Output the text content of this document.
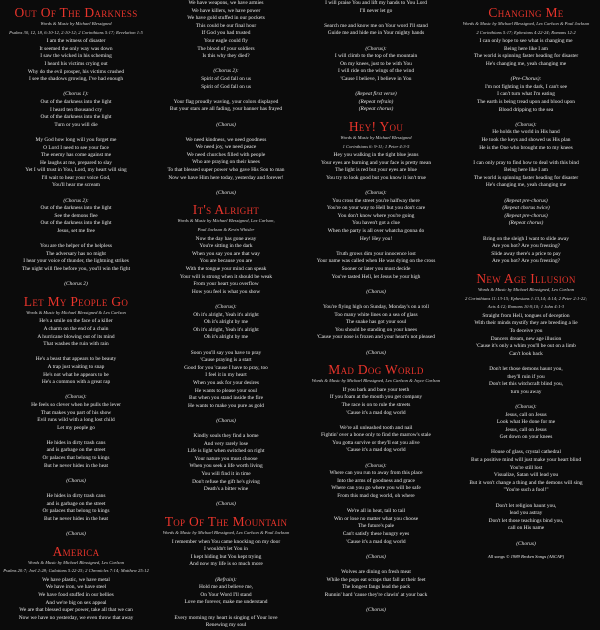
Out Of The Darkness
Words & Music by Michael Blessigned
Psalms 30, 12, 18, 6:10-12, 2:10-12; 2 Corinthians 5:17; Revelation 1:5
I am the witness of disaster
It seemed the only way was down
I saw the wicked in his scheming
I heard his victims crying out
Why do the evil prosper, his victims crushed
I see the shadows growing, I've had enough
(Chorus 1):
Out of the darkness into the light
I heard ten thousand cry
Out of the darkness into the light
Turn or you will die
My God how long will you forget me
O Lord I need to see your face
The enemy has come against me
He laughs at me, prepared to slay
Yet I will trust in You, Lord, my heart will sing
I'll wait to hear your voice God,
You'll hear me scream
(Chorus 2):
Out of the darkness into the light
See the demons flee
Out of the darkness into the light
Jesus, set me free
You are the helper of the helpless
The adversary has no might
I hear your voice of thunder, the lightning strikes
The night will flee before you, you'll win the fight
(Chorus 2)
Let My People Go
Words & Music by Michael Blessigned & Lex Carlson
He's a smile on the face of a killer
A charm on the end of a chain
A hurricane blowing out of its mind
That washes the ruin with rain
He's a beast that appears to be beauty
A trap just waiting to snap
He's not what he appears to be
He's a common with a great rap
(Chorus):
He feels so clever when he pulls the lever
That makes you part of his show
Evil runs wild with a long lost child
Let my people go
He hides in dirty trash cans
and is garbage on the street
Or palaces that belong to kings
But he never hides in the heat
(Chorus)
He hides in dirty trash cans
and is garbage on the street
Or palaces that belong to kings
But he never hides in the heat
(Chorus)
America
Words & Music by Michael Blessigned, Lex Carlson
Psalms 20:7; Joel 2:28; Galatians 5:22-25; 2 Chronicles 7:14; Matthew 25:12
We have plastic, we have metal
We have iron, we have steel
We have food stuffed in our bellies
And we're big on sex appeal
We are that blessed super power, take all that we can
Now we have no yesterday, we even throw that away
We have weapons, we have armies
We have killers, we have power
We have gold stuffed in our pockets
This could be our final hour
If God you had trusted
Your eagle could fly
The blood of your soldiers
Is this why they died?
(Chorus 2):
Spirit of God fall on us
Spirit of God fall on us
Your flag proudly waving, your colors displayed
But your stars are all fading, your banner has frayed
(Chorus)
We need kindness, we need goodness
We need joy, we need peace
We need churches filled with people
Who are praying on their knees
To that blessed super power who gave His Son to man
Now we have Him here today, yesterday and forever!
(Chorus)
It's Alright
Words & Music by Michael Blessigned, Lex Carlson,
Paul Jackson & Kevin Whisler
Now the day has gone away
You're sitting in the dark
When you say you are that way
You are because you are
With the tongue your mind can speak
Your will is strong when it should be weak
From your heart you overflow
How you feel is what you show
(Chorus):
Oh it's alright, Yeah it's alright
Oh it's alright by me
Oh it's alright, Yeah it's alright
Oh it's alright by me
Soon you'll say you have to pray
'Cause praying is a start
Good for you 'cause I have to pray, too
I feel it in my heart
When you ask for your desires
He wants to please your soul
But when you stand inside the fire
He wants to make you pure as gold
(Chorus)
Kindly souls they find a home
And very rarely lose
Life is light when switched on right
Your nature you must choose
When you seek a life worth living
You will find it in time
Don't refuse the gift he's giving
Death's a bitter wine
(Chorus)
Top Of The Mountain
Words & Music by Michael Blessigned, Lex Carlson & Paul Jackson
I remember when You came knocking on my door
I wouldn't let You in
I kept hiding but You kept trying
And now my life is so much more
(Refrain):
Hold me and believe me,
On Your Word I'll stand
Love me forever, make me understand
Every morning my heart is singing of Your love
Renewing my soul
I will praise You and lift my hands to You Lord
I'll never let go
Search me and know me on Your word I'll stand
Guide me and hide me in Your mighty hands
(Chorus):
I will climb to the top of the mountain
On my knees, just to be with You
I will ride on the wings of the wind
'Cause I believe, I believe in You
(Repeat first verse)
(Repeat refrain)
(Repeat chorus)
Hey! You
Words & Music by Michael Blessigned
1 Corinthians 6: 9-11; 1 Peter 4:3-5
Hey you walking in the tight blue jeans
Your eyes are burning and your face is pretty mean
The light is red but your eyes are blue
You try to look good but you know it isn't true
(Chorus):
You cross the street you're halfway there
You're on your way to Hell but you don't care
You don't know where you're going
You haven't got a clue
When the party is all over whatcha gonna do
Hey! Hey you!
Truth grows dim your innocence lost
Your name was called when He was dying on the cross
Sooner or later you must decide
You've tasted Hell, let Jesus be your high
(Chorus)
You're flying high on Sunday, Monday's on a roll
Too many white lines on a sea of glass
The snake has got your soul
You should be standing on your knees
'Cause your nose is frozen and your heart's not pleased
(Chorus)
Mad Dog World
Words & Music by Michael Blessigned, Lex Carlson & Joyce Carlson
If you bark and bare your teeth
If you foam at the mouth you get company
The race is on to rule the streets
'Cause it's a mad dog world
We're all unleashed tooth and nail
Fightin' over a bone only to find the marrow's stale
You gotta survive or they'll eat you alive
'Cause it's a mad dog world
(Chorus):
Where can you run to away from this place
Into the arms of goodness and grace
Where can you go where you will be safe
From this mad dog world, oh where
We're all in heat, tail to tail
Win or lose no matter what you choose
The future's pale
Can't satisfy these hungry eyes
'Cause it's a mad dog world
(Chorus)
Wolves are dining on fresh meat
While the pups eat scraps that fall at their feet
The longest fangs lead the pack
Runnin' hard 'cause they're clawin' at your back
(Chorus)
Changing Me
Words & Music by Michael Blessigned, Lex Carlson & Paul Jackson
2 Corinthians 5:17; Ephesians 4:22-24; Romans 12:2
I can only hope to see what is changing me
Being here like I am
The world is spinning faster heading for disaster
He's changing me, yeah changing me
(Pre-Chorus):
I'm not fighting in the dark, I can't see
I can't turn what I'm eating
The earth is being tread upon and blood upon
Blood dripping to the sea
(Chorus):
He holds the world in His hand
He took the keys and showed us His plan
He is the One who brought me to my knees
I can only pray to find how to deal with this bind
Being here like I am
The world is spinning faster heading for disaster
He's changing me, yeah changing me
(Repeat pre-chorus)
(Repeat chorus twice)
(Repeat pre-chorus)
(Repeat chorus)
Bring on the sleigh I want to slide away
Are you hot? Are you freezing?
Slide away there's a price to pay
Are you hot? Are you freezing?
New Age Illusion
Words & Music by Michael Blessigned, Lex Carlson
2 Corinthians 11:13-15; Ephesians 1:13,14; 4:14; 2 Peter 2:1-22;
Acts 4:12; Romans 10:9,10; 1 John 4:1-3
Straight from Hell, tongues of deception
With their minds mystify they are breeding a lie
To deceive you
Dancers dream, new age illusion
'Cause it's only a whim you'll be out on a limb
Can't look back
Don't let those demons haunt you,
they'll ruin if you
Don't let this witchcraft blind you,
turn you away
(Chorus):
Jesus, call on Jesus
Look what He done for me
Jesus, call on Jesus
Get down on your knees
House of glass, crystal cathedral
But a positive mind will just make your heart blind
You're still lost
Visualize, Satan will lead you
But it won't change a thing and the demons will sing
"You're such a fool!"
Don't let religion haunt you,
lead you astray
Don't let those teachings bind you,
call on His name
(Chorus)
All songs © 1989 Broken Songs (ASCAP)
